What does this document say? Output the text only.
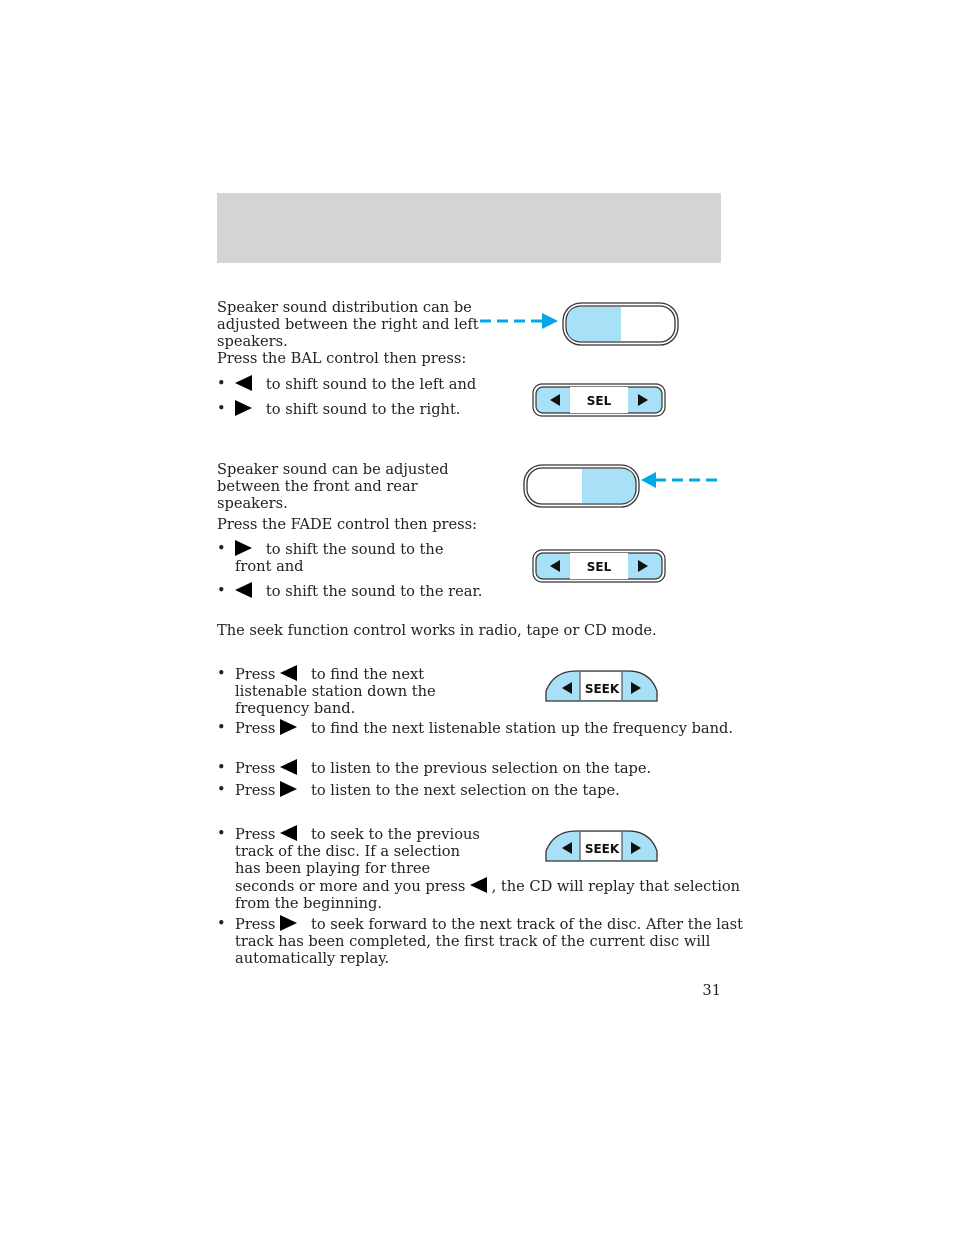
Speaker sound distribution can be
adjusted between the right and left
speakers.
Press the BAL control then press:
•	to shift sound to the left and
•	to shift sound to the right.	SEL
Speaker sound can be adjusted
between the front and rear
speakers.
Press the FADE control then press:
•	to shift the sound to the
front and
•	to shift the sound to the rear.
SEL
The seek function control works in radio, tape or CD mode.
• Press to find the next
listenable station down the
frequency band.
• Press to find the next listenable station up the frequency band.
SEEK
• Press to listen to the previous selection on the tape.
• Press to listen to the next selection on the tape.
• Press to seek to the previous
track of the disc. If a selection
has been playing for three
seconds or more and you press , the CD will replay that selection
from the beginning.
• Press to seek forward to the next track of the disc. After the last
track has been completed, the first track of the current disc will
automatically replay.
SEEK
31
